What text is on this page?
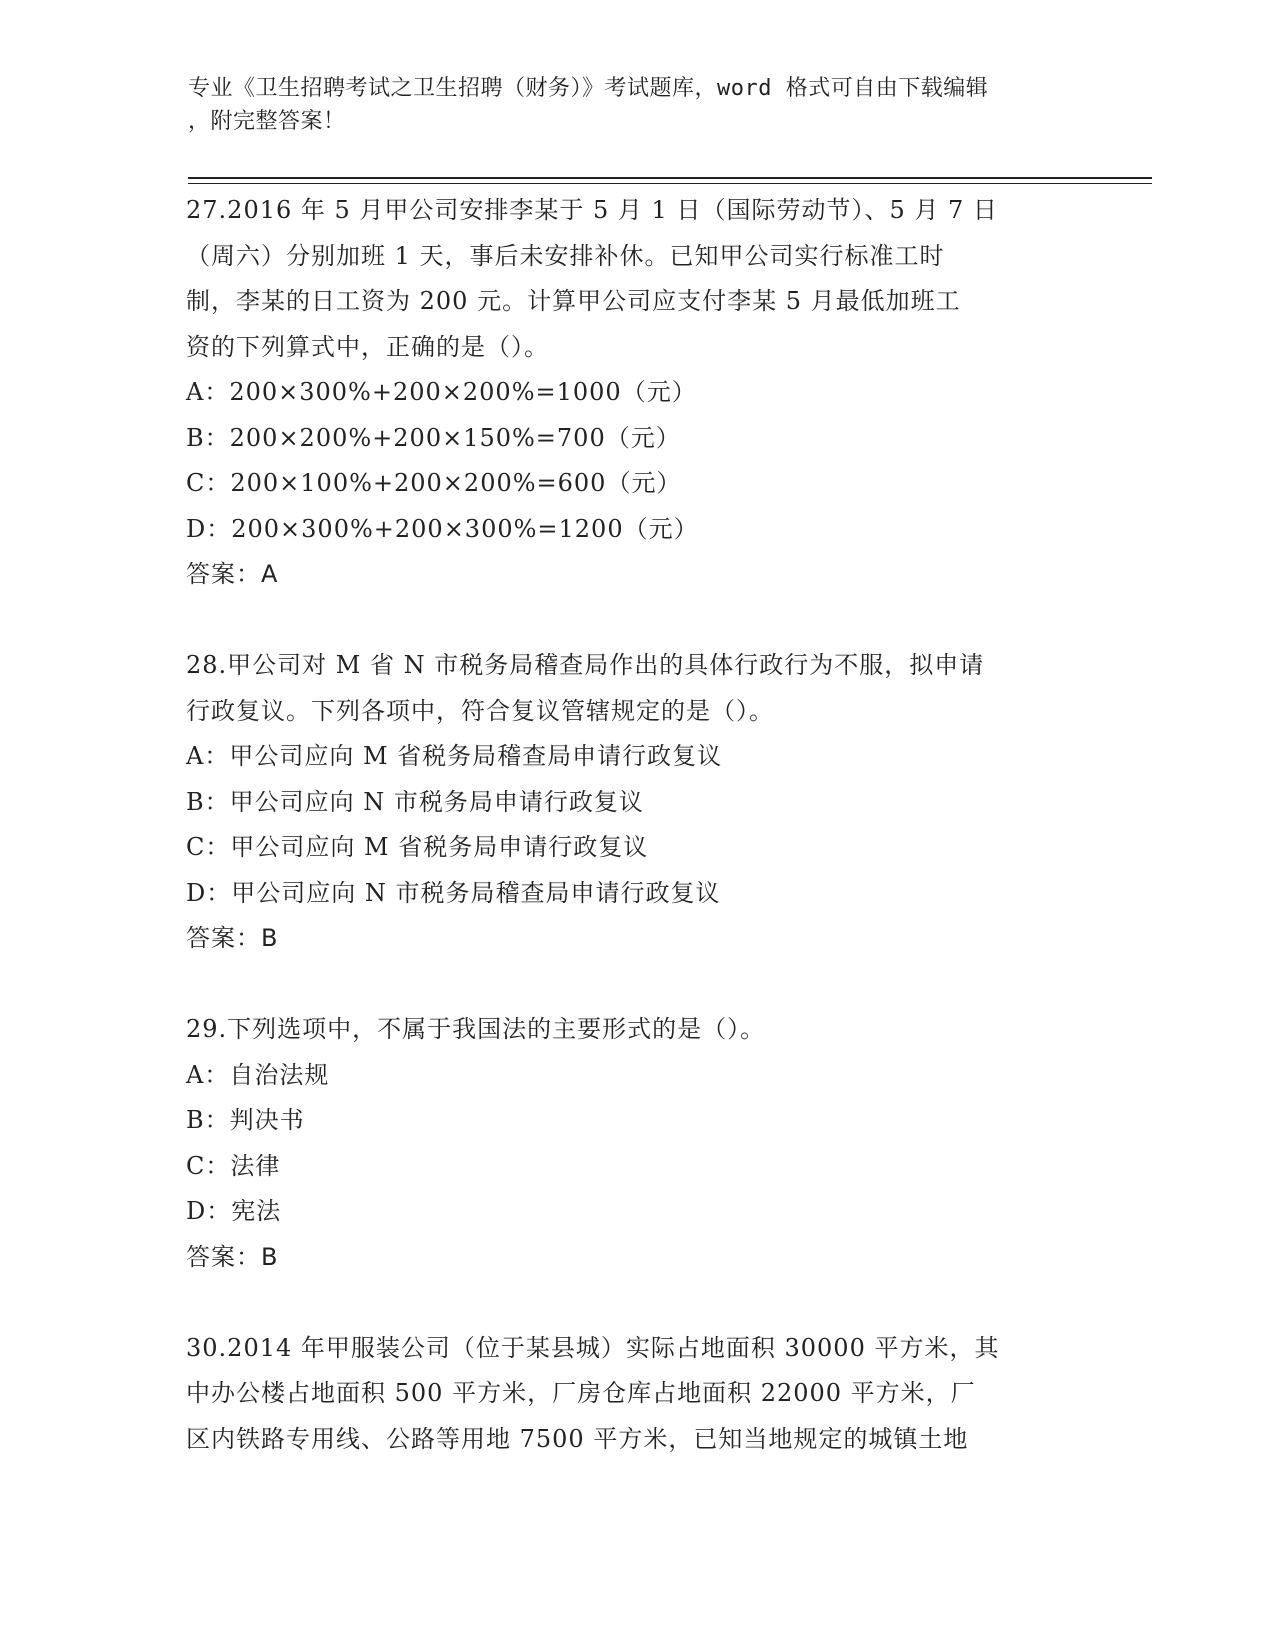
专业《卫生招聘考试之卫生招聘（财务）》考试题库，word 格式可自由下载编辑
，附完整答案！

27.2016 年 5 月甲公司安排李某于 5 月 1 日（国际劳动节）、5 月 7 日

（周六）分别加班 1 天，事后未安排补休。已知甲公司实行标准工时

制，李某的日工资为 200 元。计算甲公司应支付李某 5 月最低加班工

资的下列算式中，正确的是（）。

A：200×300%+200×200%=1000（元）

B：200×200%+200×150%=700（元）

C：200×100%+200×200%=600（元）

D：200×300%+200×300%=1200（元）

答案：A

28.甲公司对 M 省 N 市税务局稽查局作出的具体行政行为不服，拟申请

行政复议。下列各项中，符合复议管辖规定的是（）。

A：甲公司应向 M 省税务局稽查局申请行政复议

B：甲公司应向 N 市税务局申请行政复议

C：甲公司应向 M 省税务局申请行政复议

D：甲公司应向 N 市税务局稽查局申请行政复议

答案：B

29.下列选项中，不属于我国法的主要形式的是（）。

A：自治法规

B：判决书

C：法律

D：宪法

答案：B

30.2014 年甲服装公司（位于某县城）实际占地面积 30000 平方米，其

中办公楼占地面积 500 平方米，厂房仓库占地面积 22000 平方米，厂

区内铁路专用线、公路等用地 7500 平方米，已知当地规定的城镇土地
